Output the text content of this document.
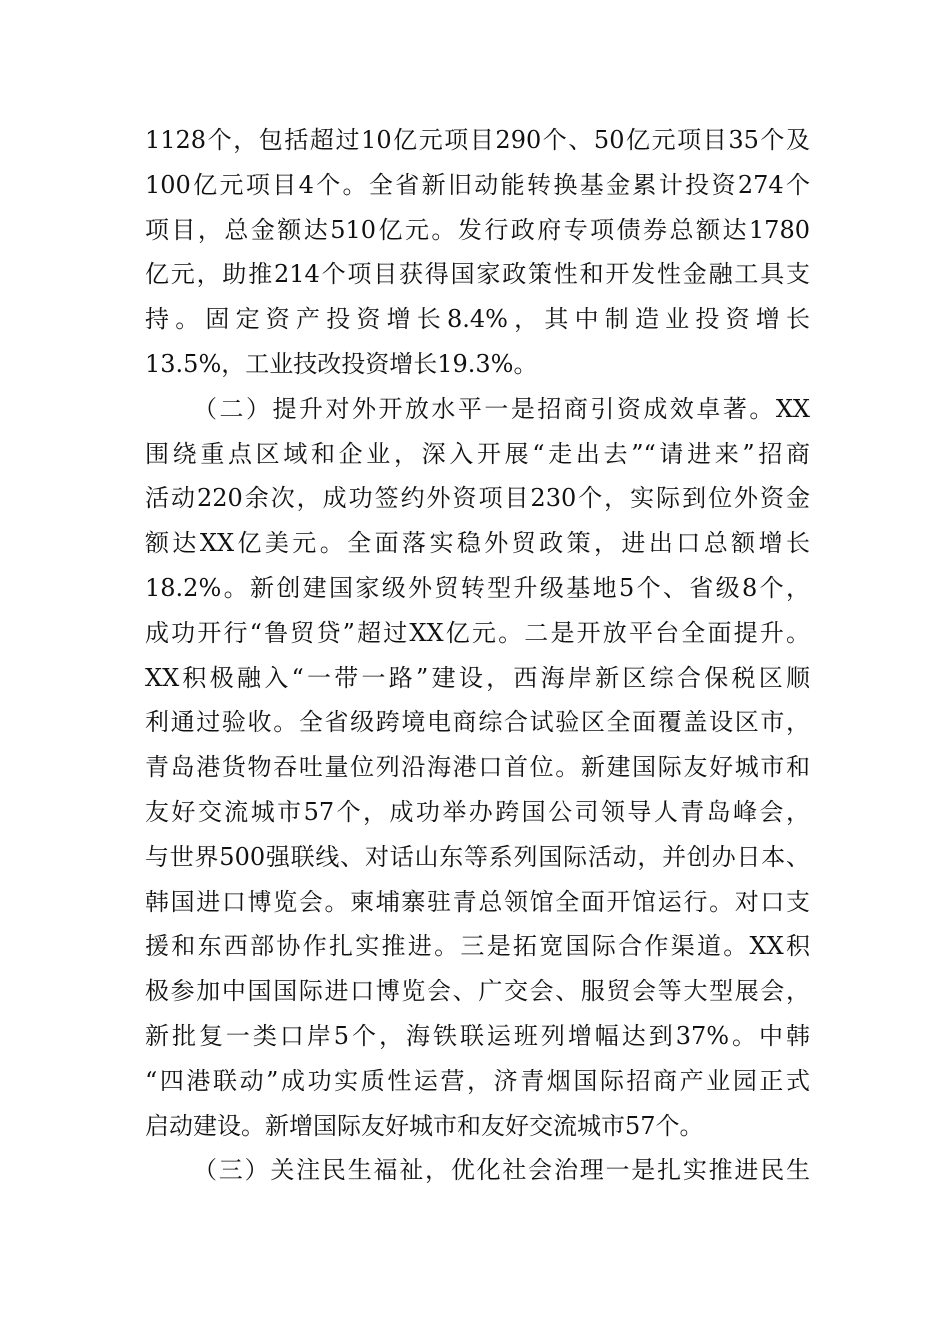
1128个，包括超过10亿元项目290个、50亿元项目35个及
100亿元项目4个。全省新旧动能转换基金累计投资274个
项目，总金额达510亿元。发行政府专项债券总额达1780
亿元，助推214个项目获得国家政策性和开发性金融工具支
持。固定资产投资增长8.4%，其中制造业投资增长
13.5%，工业技改投资增长19.3%。
（二）提升对外开放水平一是招商引资成效卓著。XX
围绕重点区域和企业，深入开展“走出去”“请进来”招商
活动220余次，成功签约外资项目230个，实际到位外资金
额达XX亿美元。全面落实稳外贸政策，进出口总额增长
18.2%。新创建国家级外贸转型升级基地5个、省级8个，
成功开行“鲁贸贷”超过XX亿元。二是开放平台全面提升。
XX积极融入“一带一路”建设，西海岸新区综合保税区顺
利通过验收。全省级跨境电商综合试验区全面覆盖设区市，
青岛港货物吞吐量位列沿海港口首位。新建国际友好城市和
友好交流城市57个，成功举办跨国公司领导人青岛峰会，
与世界500强联线、对话山东等系列国际活动，并创办日本、
韩国进口博览会。柬埔寨驻青总领馆全面开馆运行。对口支
援和东西部协作扎实推进。三是拓宽国际合作渠道。XX积
极参加中国国际进口博览会、广交会、服贸会等大型展会，
新批复一类口岸5个，海铁联运班列增幅达到37%。中韩
“四港联动”成功实质性运营，济青烟国际招商产业园正式
启动建设。新增国际友好城市和友好交流城市57个。
（三）关注民生福祉，优化社会治理一是扎实推进民生
